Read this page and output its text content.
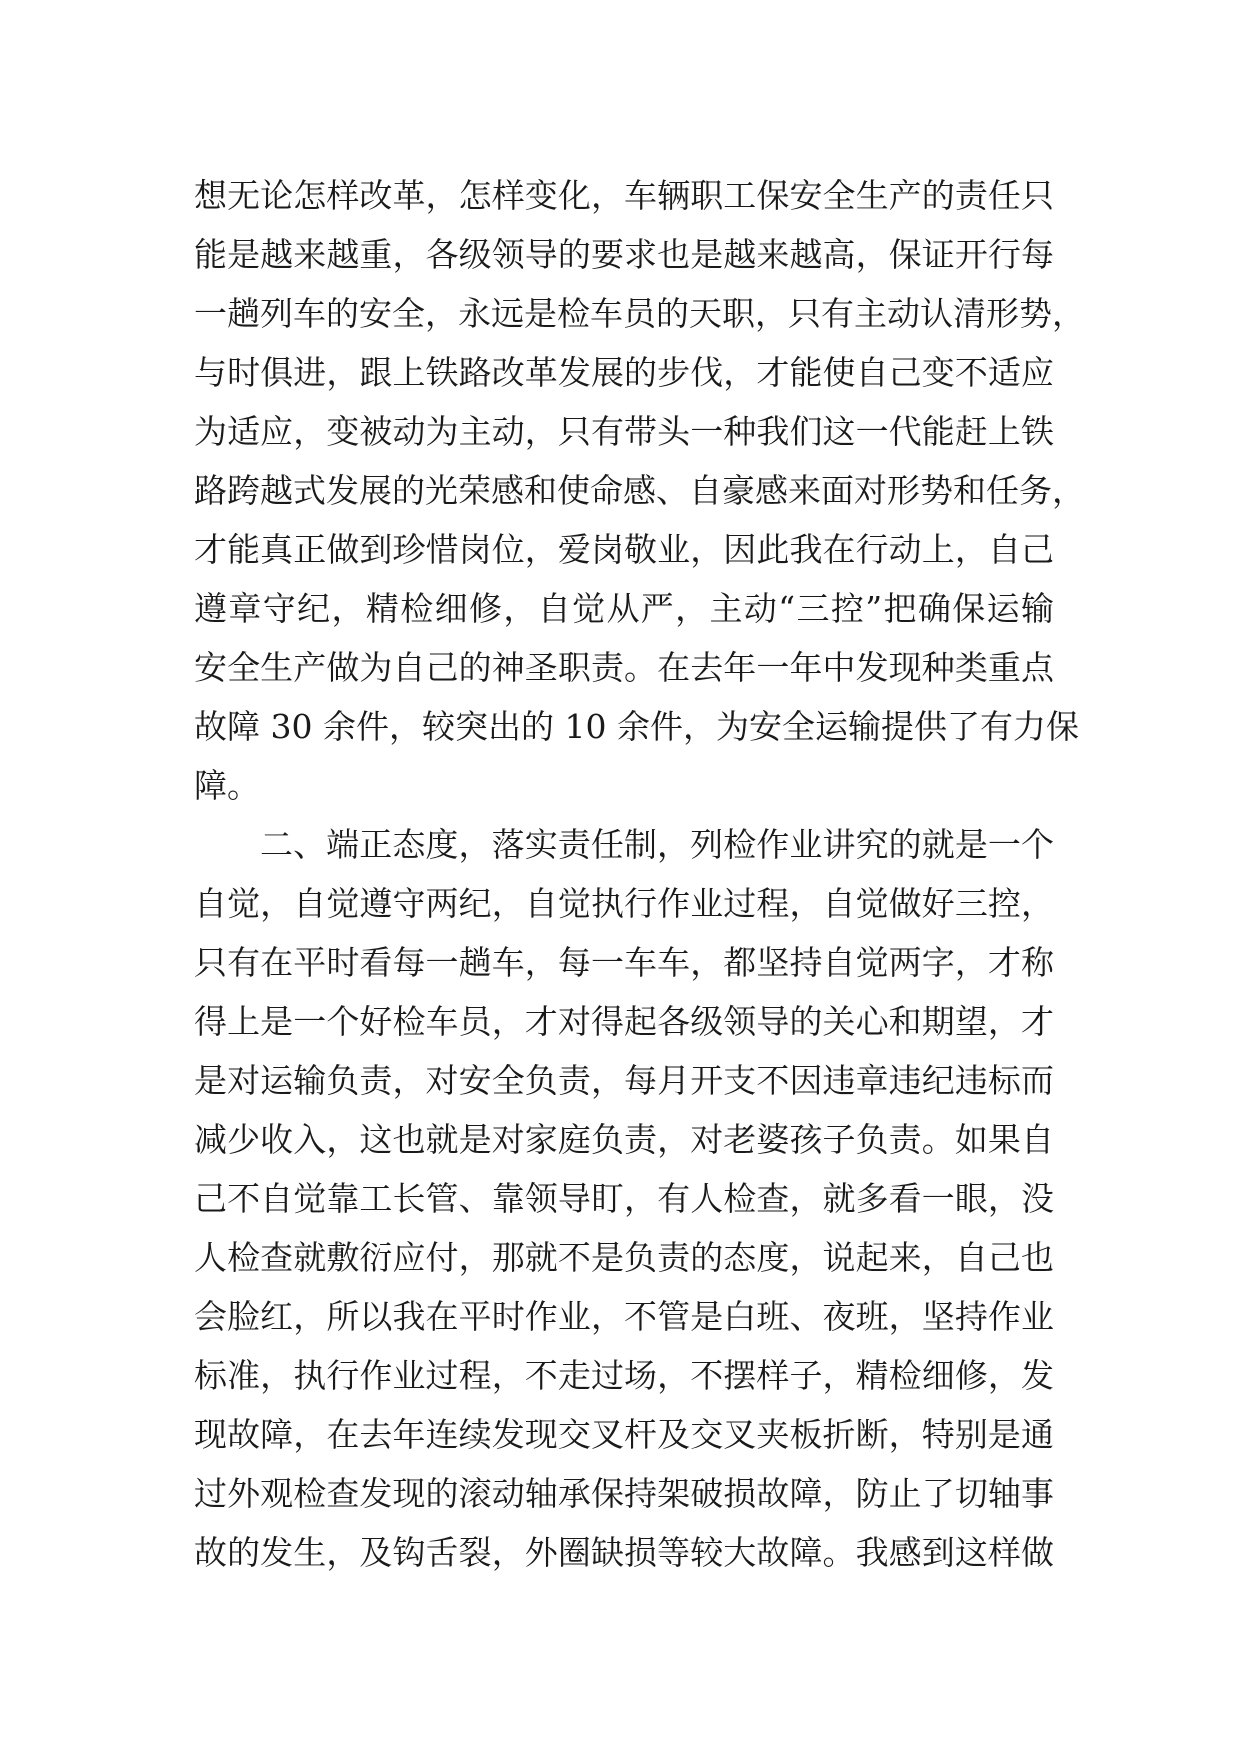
想无论怎样改革，怎样变化，车辆职工保安全生产的责任只
能是越来越重，各级领导的要求也是越来越高，保证开行每
一趟列车的安全，永远是检车员的天职，只有主动认清形势，
与时俱进，跟上铁路改革发展的步伐，才能使自己变不适应
为适应，变被动为主动，只有带头一种我们这一代能赶上铁
路跨越式发展的光荣感和使命感、自豪感来面对形势和任务，
才能真正做到珍惜岗位，爱岗敬业，因此我在行动上，自己
遵章守纪，精检细修，自觉从严，主动“三控”把确保运输
安全生产做为自己的神圣职责。在去年一年中发现种类重点
故障 30 余件，较突出的 10 余件，为安全运输提供了有力保
障。
二、端正态度，落实责任制，列检作业讲究的就是一个
自觉，自觉遵守两纪，自觉执行作业过程，自觉做好三控，
只有在平时看每一趟车，每一车车，都坚持自觉两字，才称
得上是一个好检车员，才对得起各级领导的关心和期望，才
是对运输负责，对安全负责，每月开支不因违章违纪违标而
减少收入，这也就是对家庭负责，对老婆孩子负责。如果自
己不自觉靠工长管、靠领导盯，有人检查，就多看一眼，没
人检查就敷衍应付，那就不是负责的态度，说起来，自己也
会脸红，所以我在平时作业，不管是白班、夜班，坚持作业
标准，执行作业过程，不走过场，不摆样子，精检细修，发
现故障，在去年连续发现交叉杆及交叉夹板折断，特别是通
过外观检查发现的滚动轴承保持架破损故障，防止了切轴事
故的发生，及钩舌裂，外圈缺损等较大故障。我感到这样做
